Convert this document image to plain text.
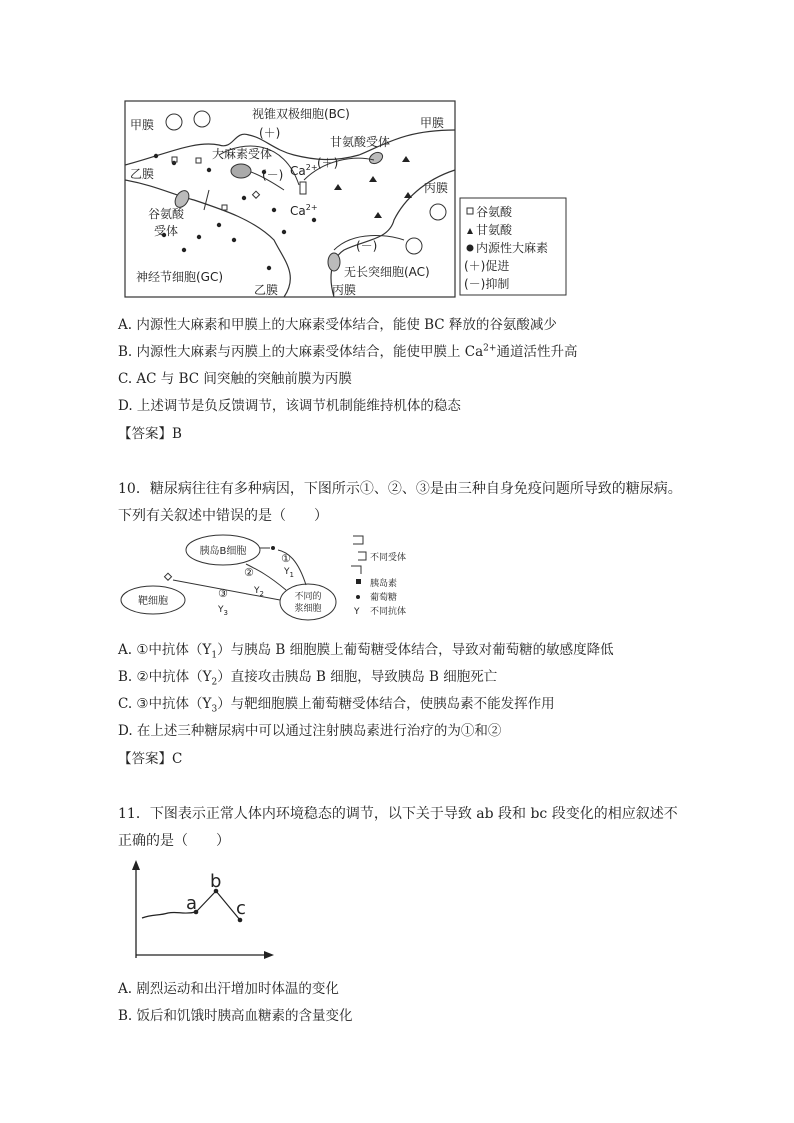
视锥双极细胞(BC)
甲膜	甲膜
(＋)
大麻素受体
甘氨酸受体
$Ca^{2+}$ (＋)
(－)
乙膜
丙膜
$Ca^{2+}$
谷氨酸
受体
(－)
神经节细胞(GC)	无长突细胞(AC)
乙膜	丙膜
谷氨酸
甘氨酸
内源性大麻素
(＋)促进
(－)抑制
A. 内源性大麻素和甲膜上的大麻素受体结合，能使 BC 释放的谷氨酸减少
B. 内源性大麻素与丙膜上的大麻素受体结合，能使甲膜上 $Ca^{2+}$通道活性升高
C. AC 与 BC 间突触的突触前膜为丙膜
D. 上述调节是负反馈调节，该调节机制能维持机体的稳态
【答案】B
10．糖尿病往往有多种病因，下图所示①、②、③是由三种自身免疫问题所导致的糖尿病。
下列有关叙述中错误的是（　　）
胰岛B细胞
靶细胞	不同的
浆细胞
①
②
③
$Y_1$
$Y_2$
$Y_3$
不同受体
胰岛素
葡萄糖
Y 不同抗体
A. ①中抗体$(Y_1)$与胰岛 B 细胞膜上葡萄糖受体结合，导致对葡萄糖的敏感度降低
B. ②中抗体$(Y_2)$直接攻击胰岛 B 细胞，导致胰岛 B 细胞死亡
C. ③中抗体$(Y_3)$与靶细胞膜上葡萄糖受体结合，使胰岛素不能发挥作用
D. 在上述三种糖尿病中可以通过注射胰岛素进行治疗的为①和②
【答案】C
11．下图表示正常人体内环境稳态的调节，以下关于导致 ab 段和 bc 段变化的相应叙述不
正确的是（　　）
a
b
c
A. 剧烈运动和出汗增加时体温的变化
B. 饭后和饥饿时胰高血糖素的含量变化
